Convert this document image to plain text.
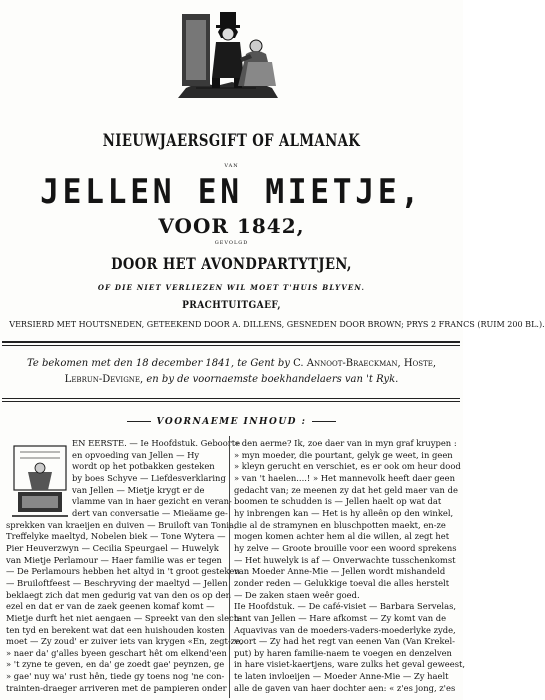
NIEUWJAERSGIFT OF ALMANAK
VAN
JELLEN EN MIETJE,
VOOR 1842,
GEVOLGD
DOOR HET AVONDPARTYTJEN,
OF DIE NIET VERLIEZEN WIL MOET T'HUIS BLYVEN.
PRACHTUITGAEF,
VERSIERD MET HOUTSNEDEN, GETEEKEND DOOR A. DILLENS, GESNEDEN DOOR BROWN; PRYS 2 FRANCS (RUIM 200 BL.).
Te bekomen met den 18 december 1841, te Gent by C. Annoot-Braeckman, Hoste,
Lebrun-Devigne, en by de voornaemste boekhandelaers van 't Ryk.
VOORNAEME INHOUD :
EN EERSTE. — Ie Hoofdstuk. Geboorte
en opvoeding van Jellen — Hy
wordt op het potbakken gesteken
by boes Schyve — Liefdesverklaring
van Jellen — Mietje krygt er de
vlamme van in haer gezicht en veran-
dert van conversatie — Mieäame ge-
sprekken van kraeijen en duiven — Bruiloft van Tonia,
Treffelyke maeltyd, Nobelen biek — Tone Wytera —
Pier Heuverzwyn — Cecilia Speurgael — Huwelyk
van Mietje Perlamour — Haer familie was er tegen
— De Perlamours hebben het altyd in 't groot gesteken
— Bruiloftfeest — Beschryving der maeltyd — Jellen
beklaegt zich dat men gedurig vat van den os op den
ezel en dat er van de zaek geenen komaf komt —
Mietje durft het niet aengaen — Spreekt van den slech-
ten tyd en berekent wat dat een huishouden kosten
moet — Zy zoud' er zuiver iets van krygen «En, zegt-ze,
» naer da' g'alles byeen geschart hêt om elkend'een
» 't zyne te geven, en da' ge zoedt gae' peynzen, ge
» gae' nuy wa' rust hên, tiede gy toens nog 'ne con-
trainten-draeger arriveren met de pampieren onder
» den aerme? Ik, zoe daer van in myn graf kruypen :
» myn moeder, die pourtant, gelyk ge weet, in geen
» kleyn gerucht en verschiet, es er ook om heur dood
» van 't haelen....! » Het mannevolk heeft daer geen
gedacht van; ze meenen zy dat het geld maer van de
boomen te schudden is — Jellen haelt op wat dat
hy inbrengen kan — Het is hy alleên op den winkel,
die al de stramynen en bluschpotten maekt, en-ze
mogen komen achter hem al die willen, al zegt het
hy zelve — Groote brouille voor een woord sprekens
— Het huwelyk is af — Onverwachte tusschenkomst
van Moeder Anne-Mie — Jellen wordt mishandeld
zonder reden — Gelukkige toeval die alles herstelt
— De zaken staen weêr goed.
IIe Hoofdstuk. — De café-visiet — Barbara Servelas,
tant van Jellen — Hare afkomst — Zy komt van de
Aquavivas van de moeders-vaders-moederlyke zyde,
voort — Zy had het regt van eenen Van (Van Krekel-
put) by haren familie-naem te voegen en denzelven
in hare visiet-kaertjens, ware zulks het geval geweest,
te laten invloeijen — Moeder Anne-Mie — Zy haelt
alle de gaven van haer dochter aen: « z'es jong, z'es
